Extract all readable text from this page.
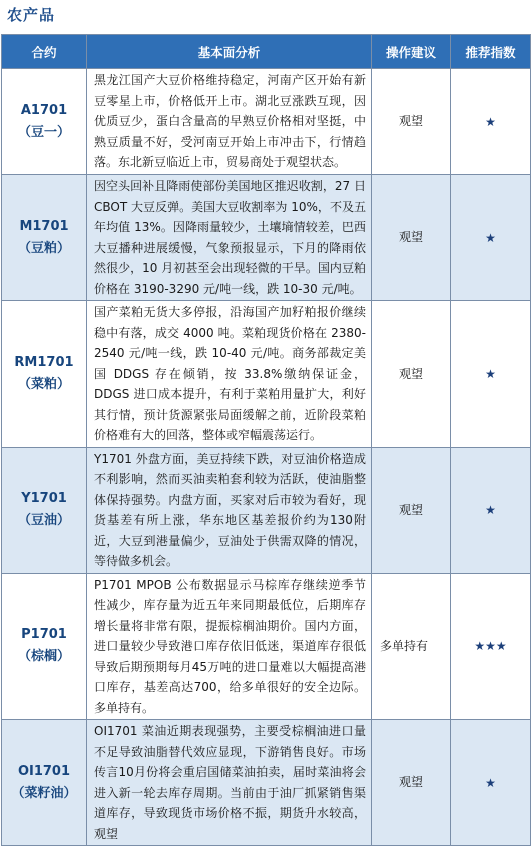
农产品
合约	基本面分析	操作建议	推荐指数

A1701
（豆一）	黑龙江国产大豆价格维持稳定，河南产区开始有新豆零星上市，价格低开上市。湖北豆涨跌互现，因优质豆少，蛋白含量高的早熟豆价格相对坚挺，中熟豆质量不好，受河南豆开始上市冲击下，行情趋落。东北新豆临近上市，贸易商处于观望状态。	观望	★

M1701
（豆粕）	因空头回补且降雨使部份美国地区推迟收割，27 日 CBOT 大豆反弹。美国大豆收割率为 10%，不及五年均值 13%。因降雨量较少，土壤墒情较差，巴西大豆播种进展缓慢，气象预报显示，下月的降雨依然很少，10 月初甚至会出现轻微的干旱。国内豆粕价格在 3190-3290 元/吨一线，跌 10-30 元/吨。	观望	★

RM1701
（菜粕）	国产菜粕无货大多停报，沿海国产加籽粕报价继续稳中有落，成交 4000 吨。菜粕现货价格在 2380-2540 元/吨一线，跌 10-40 元/吨。商务部裁定美国 DDGS 存在倾销，按 33.8%缴纳保证金，DDGS 进口成本提升，有利于菜粕用量扩大，利好其行情，预计货源紧张局面缓解之前，近阶段菜粕价格难有大的回落，整体或窄幅震荡运行。	观望	★

Y1701
（豆油）	Y1701 外盘方面，美豆持续下跌，对豆油价格造成不利影响，然而买油卖粕套利较为活跃，使油脂整体保持强势。内盘方面，买家对后市较为看好，现货基差有所上涨，华东地区基差报价约为130附近，大豆到港量偏少，豆油处于供需双降的情况，等待做多机会。	观望	★

P1701
（棕榈）	P1701 MPOB 公布数据显示马棕库存继续逆季节性减少，库存量为近五年来同期最低位，后期库存增长量将非常有限，提振棕榈油期价。国内方面，进口量较少导致港口库存依旧低迷，渠道库存很低导致后期预期每月45万吨的进口量难以大幅提高港口库存，基差高达700，给多单很好的安全边际。多单持有。	多单持有	★★★

OI1701
（菜籽油）	OI1701 菜油近期表现强势，主要受棕榈油进口量不足导致油脂替代效应显现，下游销售良好。市场传言10月份将会重启国储菜油拍卖，届时菜油将会进入新一轮去库存周期。当前由于油厂抓紧销售渠道库存，导致现货市场价格不振，期货升水较高，观望	观望	★
